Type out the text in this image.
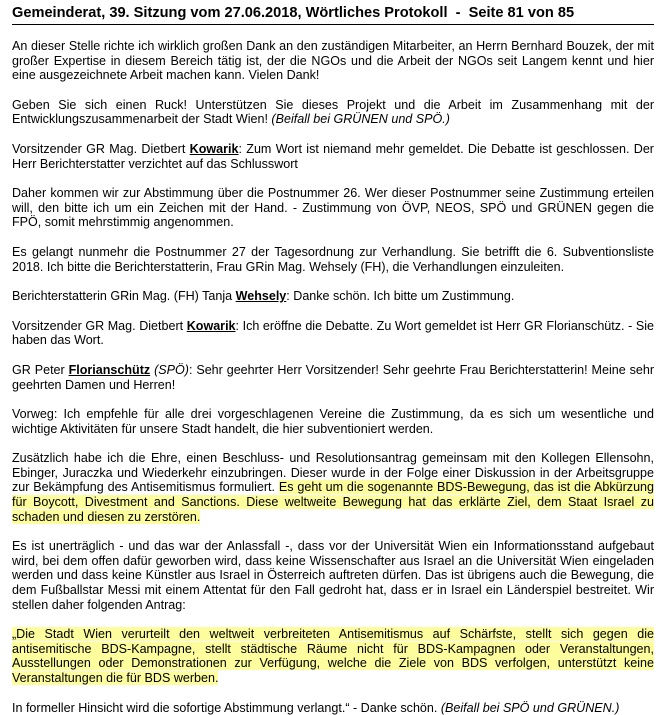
Gemeinderat, 39. Sitzung vom 27.06.2018, Wörtliches Protokoll  -  Seite 81 von 85

An dieser Stelle richte ich wirklich großen Dank an den zuständigen Mitarbeiter, an Herrn Bernhard Bouzek, der mit großer Expertise in diesem Bereich tätig ist, der die NGOs und die Arbeit der NGOs seit Langem kennt und hier eine ausgezeichnete Arbeit machen kann. Vielen Dank!

Geben Sie sich einen Ruck! Unterstützen Sie dieses Projekt und die Arbeit im Zusammenhang mit der Entwicklungszusammenarbeit der Stadt Wien! (Beifall bei GRÜNEN und SPÖ.)

Vorsitzender GR Mag. Dietbert Kowarik: Zum Wort ist niemand mehr gemeldet. Die Debatte ist geschlossen. Der Herr Berichterstatter verzichtet auf das Schlusswort

Daher kommen wir zur Abstimmung über die Postnummer 26. Wer dieser Postnummer seine Zustimmung erteilen will, den bitte ich um ein Zeichen mit der Hand. - Zustimmung von ÖVP, NEOS, SPÖ und GRÜNEN gegen die FPÖ, somit mehrstimmig angenommen.

Es gelangt nunmehr die Postnummer 27 der Tagesordnung zur Verhandlung. Sie betrifft die 6. Subventionsliste 2018. Ich bitte die Berichterstatterin, Frau GRin Mag. Wehsely (FH), die Verhandlungen einzuleiten.

Berichterstatterin GRin Mag. (FH) Tanja Wehsely: Danke schön. Ich bitte um Zustimmung.

Vorsitzender GR Mag. Dietbert Kowarik: Ich eröffne die Debatte. Zu Wort gemeldet ist Herr GR Florianschütz. - Sie haben das Wort.

GR Peter Florianschütz (SPÖ): Sehr geehrter Herr Vorsitzender! Sehr geehrte Frau Berichterstatterin! Meine sehr geehrten Damen und Herren!

Vorweg: Ich empfehle für alle drei vorgeschlagenen Vereine die Zustimmung, da es sich um wesentliche und wichtige Aktivitäten für unsere Stadt handelt, die hier subventioniert werden.

Zusätzlich habe ich die Ehre, einen Beschluss- und Resolutionsantrag gemeinsam mit den Kollegen Ellensohn, Ebinger, Juraczka und Wiederkehr einzubringen. Dieser wurde in der Folge einer Diskussion in der Arbeitsgruppe zur Bekämpfung des Antisemitismus formuliert. Es geht um die sogenannte BDS-Bewegung, das ist die Abkürzung für Boycott, Divestment and Sanctions. Diese weltweite Bewegung hat das erklärte Ziel, dem Staat Israel zu schaden und diesen zu zerstören.

Es ist unerträglich - und das war der Anlassfall -, dass vor der Universität Wien ein Informationsstand aufgebaut wird, bei dem offen dafür geworben wird, dass keine Wissenschafter aus Israel an die Universität Wien eingeladen werden und dass keine Künstler aus Israel in Österreich auftreten dürfen. Das ist übrigens auch die Bewegung, die dem Fußballstar Messi mit einem Attentat für den Fall gedroht hat, dass er in Israel ein Länderspiel bestreitet. Wir stellen daher folgenden Antrag:

„Die Stadt Wien verurteilt den weltweit verbreiteten Antisemitismus auf Schärfste, stellt sich gegen die antisemitische BDS-Kampagne, stellt städtische Räume nicht für BDS-Kampagnen oder Veranstaltungen, Ausstellungen oder Demonstrationen zur Verfügung, welche die Ziele von BDS verfolgen, unterstützt keine Veranstaltungen die für BDS werben.

In formeller Hinsicht wird die sofortige Abstimmung verlangt.“ - Danke schön. (Beifall bei SPÖ und GRÜNEN.)
